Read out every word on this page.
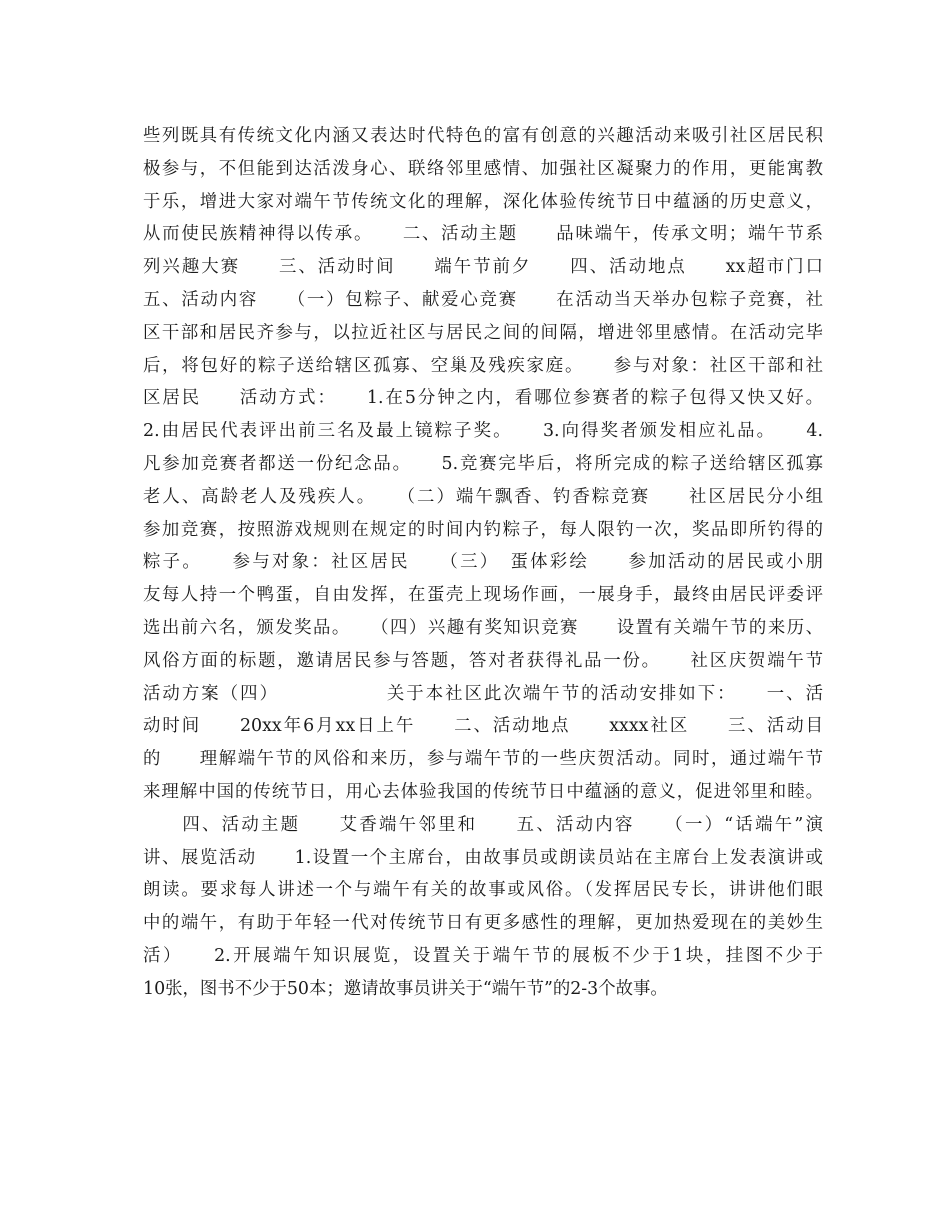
些列既具有传统文化内涵又表达时代特色的富有创意的兴趣活动来吸引社区居民积
极参与，不但能到达活泼身心、联络邻里感情、加强社区凝聚力的作用，更能寓教
于乐，增进大家对端午节传统文化的理解，深化体验传统节日中蕴涵的历史意义，
从而使民族精神得以传承。　　二、活动主题　　品味端午，传承文明；端午节系
列兴趣大赛　　三、活动时间　　端午节前夕　　四、活动地点　　xx超市门口
五、活动内容　　（一）包粽子、献爱心竞赛　　在活动当天举办包粽子竞赛，社
区干部和居民齐参与，以拉近社区与居民之间的间隔，增进邻里感情。在活动完毕
后，将包好的粽子送给辖区孤寡、空巢及残疾家庭。　　参与对象：社区干部和社
区居民　　活动方式：　　1.在5分钟之内，看哪位参赛者的粽子包得又快又好。
2.由居民代表评出前三名及最上镜粽子奖。　　3.向得奖者颁发相应礼品。　　4.
凡参加竞赛者都送一份纪念品。　　5.竞赛完毕后，将所完成的粽子送给辖区孤寡
老人、高龄老人及残疾人。　　（二）端午飘香、钓香粽竞赛　　社区居民分小组
参加竞赛，按照游戏规则在规定的时间内钓粽子，每人限钓一次，奖品即所钓得的
粽子。　　参与对象：社区居民　　（三）　蛋体彩绘　　参加活动的居民或小朋
友每人持一个鸭蛋，自由发挥，在蛋壳上现场作画，一展身手，最终由居民评委评
选出前六名，颁发奖品。　　（四）兴趣有奖知识竞赛　　设置有关端午节的来历、
风俗方面的标题，邀请居民参与答题，答对者获得礼品一份。　　社区庆贺端午节
活动方案（四）　　　　　　关于本社区此次端午节的活动安排如下：　　一、活
动时间　　20xx年6月xx日上午　　二、活动地点　　xxxx社区　　三、活动目
的　　理解端午节的风俗和来历，参与端午节的一些庆贺活动。同时，通过端午节
来理解中国的传统节日，用心去体验我国的传统节日中蕴涵的意义，促进邻里和睦。
　　四、活动主题　　艾香端午邻里和　　五、活动内容　　（一）“话端午”演
讲、展览活动　　1.设置一个主席台，由故事员或朗读员站在主席台上发表演讲或
朗读。要求每人讲述一个与端午有关的故事或风俗。（发挥居民专长，讲讲他们眼
中的端午，有助于年轻一代对传统节日有更多感性的理解，更加热爱现在的美妙生
活）　　2.开展端午知识展览，设置关于端午节的展板不少于1块，挂图不少于
10张，图书不少于50本；邀请故事员讲关于“端午节”的2-3个故事。
